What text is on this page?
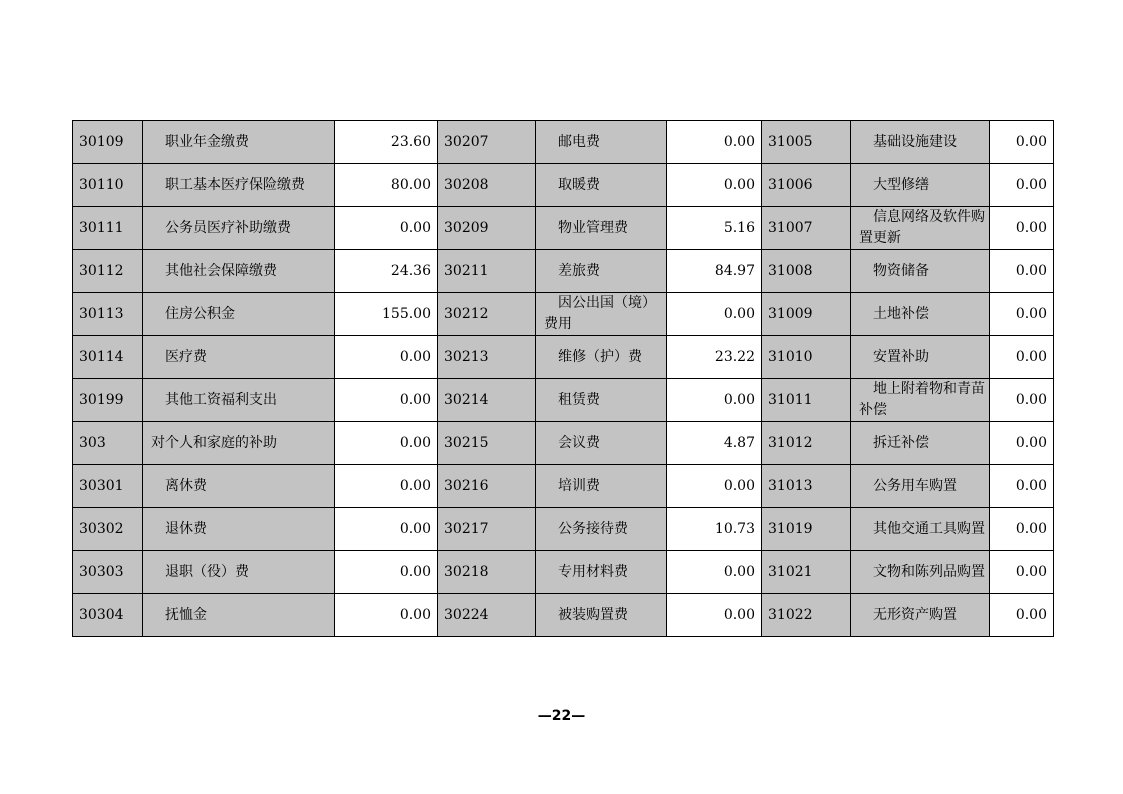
30109	职业年金缴费	23.60	30207	邮电费	0.00	31005	基础设施建设	0.00
30110	职工基本医疗保险缴费	80.00	30208	取暖费	0.00	31006	大型修缮	0.00
30111	公务员医疗补助缴费	0.00	30209	物业管理费	5.16	31007	信息网络及软件购置更新	0.00
30112	其他社会保障缴费	24.36	30211	差旅费	84.97	31008	物资储备	0.00
30113	住房公积金	155.00	30212	因公出国（境）费用	0.00	31009	土地补偿	0.00
30114	医疗费	0.00	30213	维修（护）费	23.22	31010	安置补助	0.00
30199	其他工资福利支出	0.00	30214	租赁费	0.00	31011	地上附着物和青苗补偿	0.00
303	对个人和家庭的补助	0.00	30215	会议费	4.87	31012	拆迁补偿	0.00
30301	离休费	0.00	30216	培训费	0.00	31013	公务用车购置	0.00
30302	退休费	0.00	30217	公务接待费	10.73	31019	其他交通工具购置	0.00
30303	退职（役）费	0.00	30218	专用材料费	0.00	31021	文物和陈列品购置	0.00
30304	抚恤金	0.00	30224	被装购置费	0.00	31022	无形资产购置	0.00
—22—
